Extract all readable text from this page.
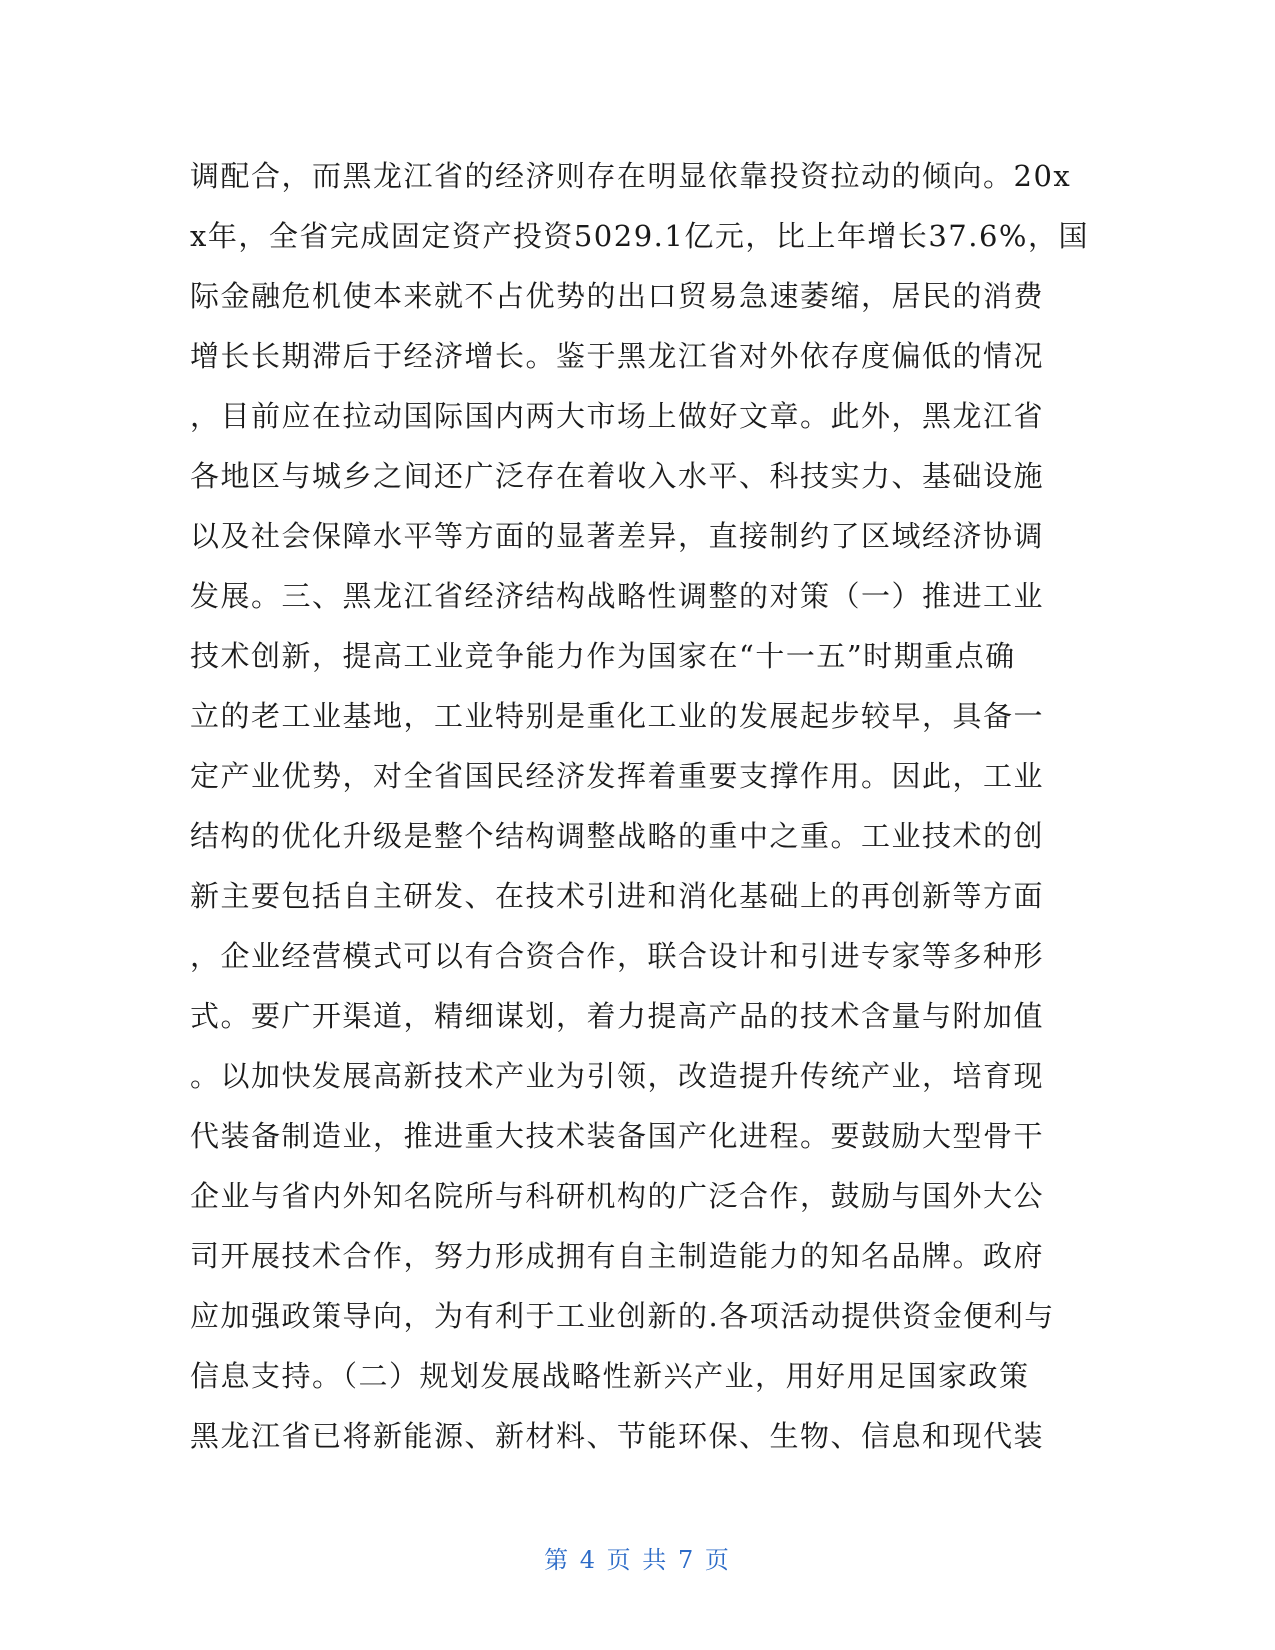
调配合，而黑龙江省的经济则存在明显依靠投资拉动的倾向。20x
x年，全省完成固定资产投资5029.1亿元，比上年增长37.6%，国
际金融危机使本来就不占优势的出口贸易急速萎缩，居民的消费
增长长期滞后于经济增长。鉴于黑龙江省对外依存度偏低的情况
，目前应在拉动国际国内两大市场上做好文章。此外，黑龙江省
各地区与城乡之间还广泛存在着收入水平、科技实力、基础设施
以及社会保障水平等方面的显著差异，直接制约了区域经济协调
发展。三、黑龙江省经济结构战略性调整的对策（一）推进工业
技术创新，提高工业竞争能力作为国家在“十一五”时期重点确
立的老工业基地，工业特别是重化工业的发展起步较早，具备一
定产业优势，对全省国民经济发挥着重要支撑作用。因此，工业
结构的优化升级是整个结构调整战略的重中之重。工业技术的创
新主要包括自主研发、在技术引进和消化基础上的再创新等方面
，企业经营模式可以有合资合作，联合设计和引进专家等多种形
式。要广开渠道，精细谋划，着力提高产品的技术含量与附加值
。以加快发展高新技术产业为引领，改造提升传统产业，培育现
代装备制造业，推进重大技术装备国产化进程。要鼓励大型骨干
企业与省内外知名院所与科研机构的广泛合作，鼓励与国外大公
司开展技术合作，努力形成拥有自主制造能力的知名品牌。政府
应加强政策导向，为有利于工业创新的.各项活动提供资金便利与
信息支持。（二）规划发展战略性新兴产业，用好用足国家政策
黑龙江省已将新能源、新材料、节能环保、生物、信息和现代装
第 4 页 共 7 页
